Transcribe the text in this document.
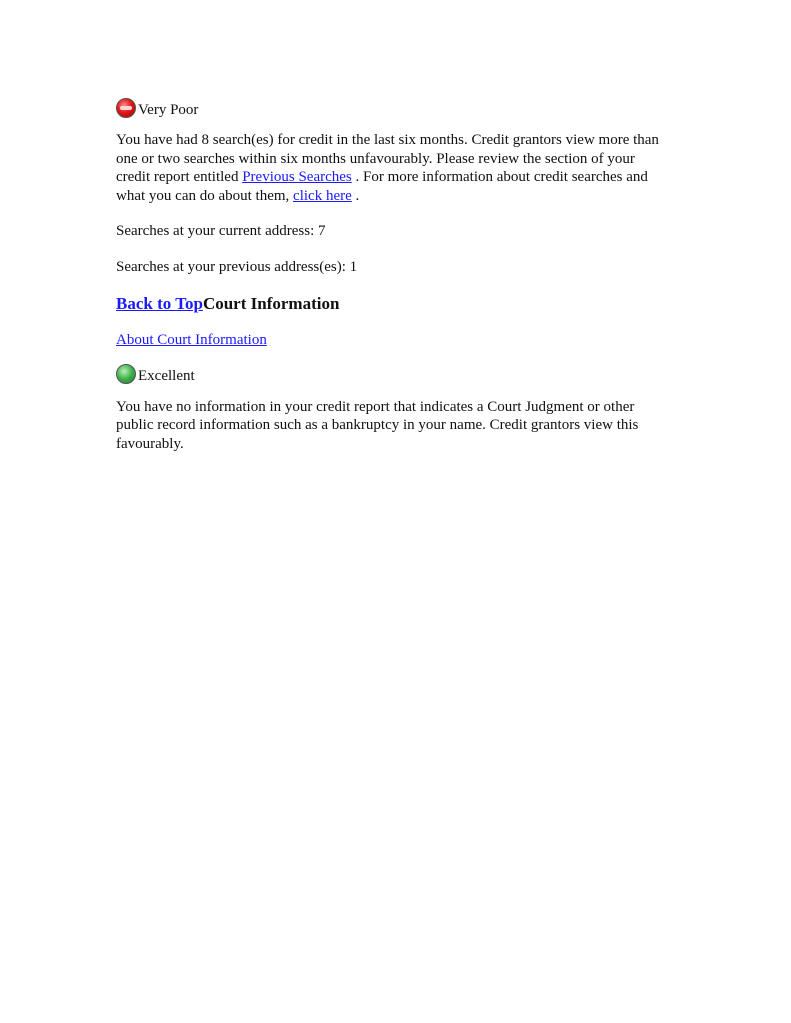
Very Poor

You have had 8 search(es) for credit in the last six months. Credit grantors view more than one or two searches within six months unfavourably. Please review the section of your credit report entitled Previous Searches . For more information about credit searches and what you can do about them, click here .

Searches at your current address: 7

Searches at your previous address(es): 1

Back to TopCourt Information

About Court Information

Excellent

You have no information in your credit report that indicates a Court Judgment or other public record information such as a bankruptcy in your name. Credit grantors view this favourably.
